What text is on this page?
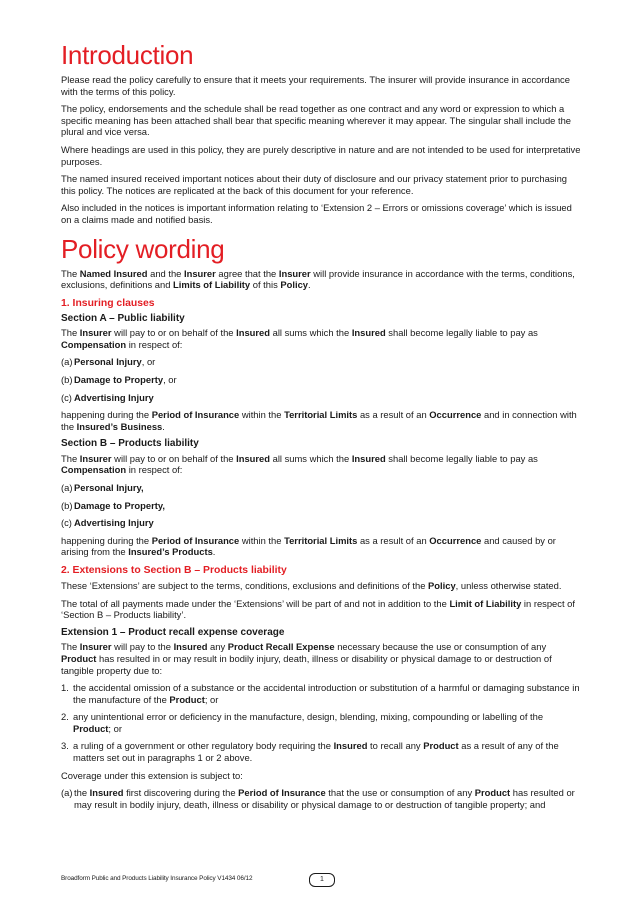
Introduction

Please read the policy carefully to ensure that it meets your requirements. The insurer will provide insurance in accordance with the terms of this policy.

The policy, endorsements and the schedule shall be read together as one contract and any word or expression to which a specific meaning has been attached shall bear that specific meaning wherever it may appear. The singular shall include the plural and vice versa.

Where headings are used in this policy, they are purely descriptive in nature and are not intended to be used for interpretative purposes.

The named insured received important notices about their duty of disclosure and our privacy statement prior to purchasing this policy. The notices are replicated at the back of this document for your reference.

Also included in the notices is important information relating to ‘Extension 2 – Errors or omissions coverage’ which is issued on a claims made and notified basis.

Policy wording

The Named Insured and the Insurer agree that the Insurer will provide insurance in accordance with the terms, conditions, exclusions, definitions and Limits of Liability of this Policy.

1. Insuring clauses
Section A – Public liability

The Insurer will pay to or on behalf of the Insured all sums which the Insured shall become legally liable to pay as Compensation in respect of:

(a) Personal Injury, or

(b) Damage to Property, or

(c) Advertising Injury

happening during the Period of Insurance within the Territorial Limits as a result of an Occurrence and in connection with the Insured’s Business.

Section B – Products liability

The Insurer will pay to or on behalf of the Insured all sums which the Insured shall become legally liable to pay as Compensation in respect of:

(a) Personal Injury,

(b) Damage to Property,

(c) Advertising Injury

happening during the Period of Insurance within the Territorial Limits as a result of an Occurrence and caused by or arising from the Insured’s Products.

2. Extensions to Section B – Products liability

These ‘Extensions’ are subject to the terms, conditions, exclusions and definitions of the Policy, unless otherwise stated.

The total of all payments made under the ‘Extensions’ will be part of and not in addition to the Limit of Liability in respect of ‘Section B – Products liability’.

Extension 1 – Product recall expense coverage

The Insurer will pay to the Insured any Product Recall Expense necessary because the use or consumption of any Product has resulted in or may result in bodily injury, death, illness or disability or physical damage to or destruction of tangible property due to:

1. the accidental omission of a substance or the accidental introduction or substitution of a harmful or damaging substance in the manufacture of the Product; or

2. any unintentional error or deficiency in the manufacture, design, blending, mixing, compounding or labelling of the Product; or

3. a ruling of a government or other regulatory body requiring the Insured to recall any Product as a result of any of the matters set out in paragraphs 1 or 2 above.

Coverage under this extension is subject to:

(a) the Insured first discovering during the Period of Insurance that the use or consumption of any Product has resulted or may result in bodily injury, death, illness or disability or physical damage to or destruction of tangible property; and

Broadform Public and Products Liability Insurance Policy V1434 06/12	1
